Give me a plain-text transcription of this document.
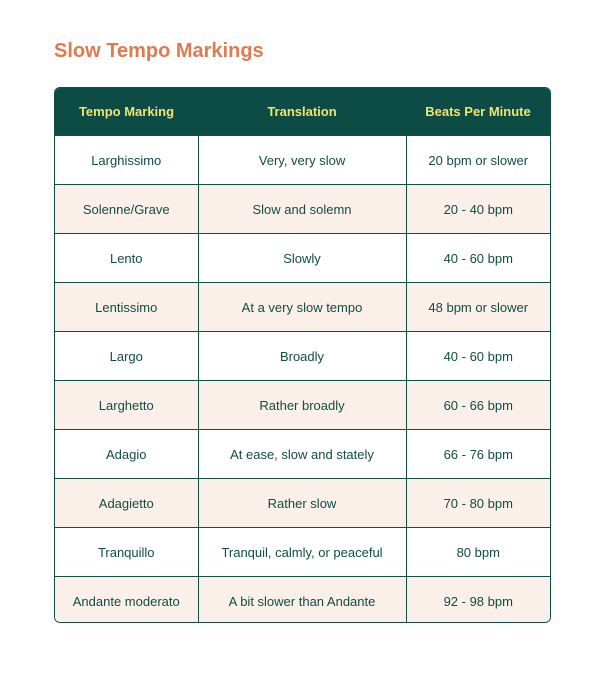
Slow Tempo Markings
Tempo Marking	Translation	Beats Per Minute
Larghissimo	Very, very slow	20 bpm or slower
Solenne/Grave	Slow and solemn	20 - 40 bpm
Lento	Slowly	40 - 60 bpm
Lentissimo	At a very slow tempo	48 bpm or slower
Largo	Broadly	40 - 60 bpm
Larghetto	Rather broadly	60 - 66 bpm
Adagio	At ease, slow and stately	66 - 76 bpm
Adagietto	Rather slow	70 - 80 bpm
Tranquillo	Tranquil, calmly, or peaceful	80 bpm
Andante moderato	A bit slower than Andante	92 - 98 bpm
